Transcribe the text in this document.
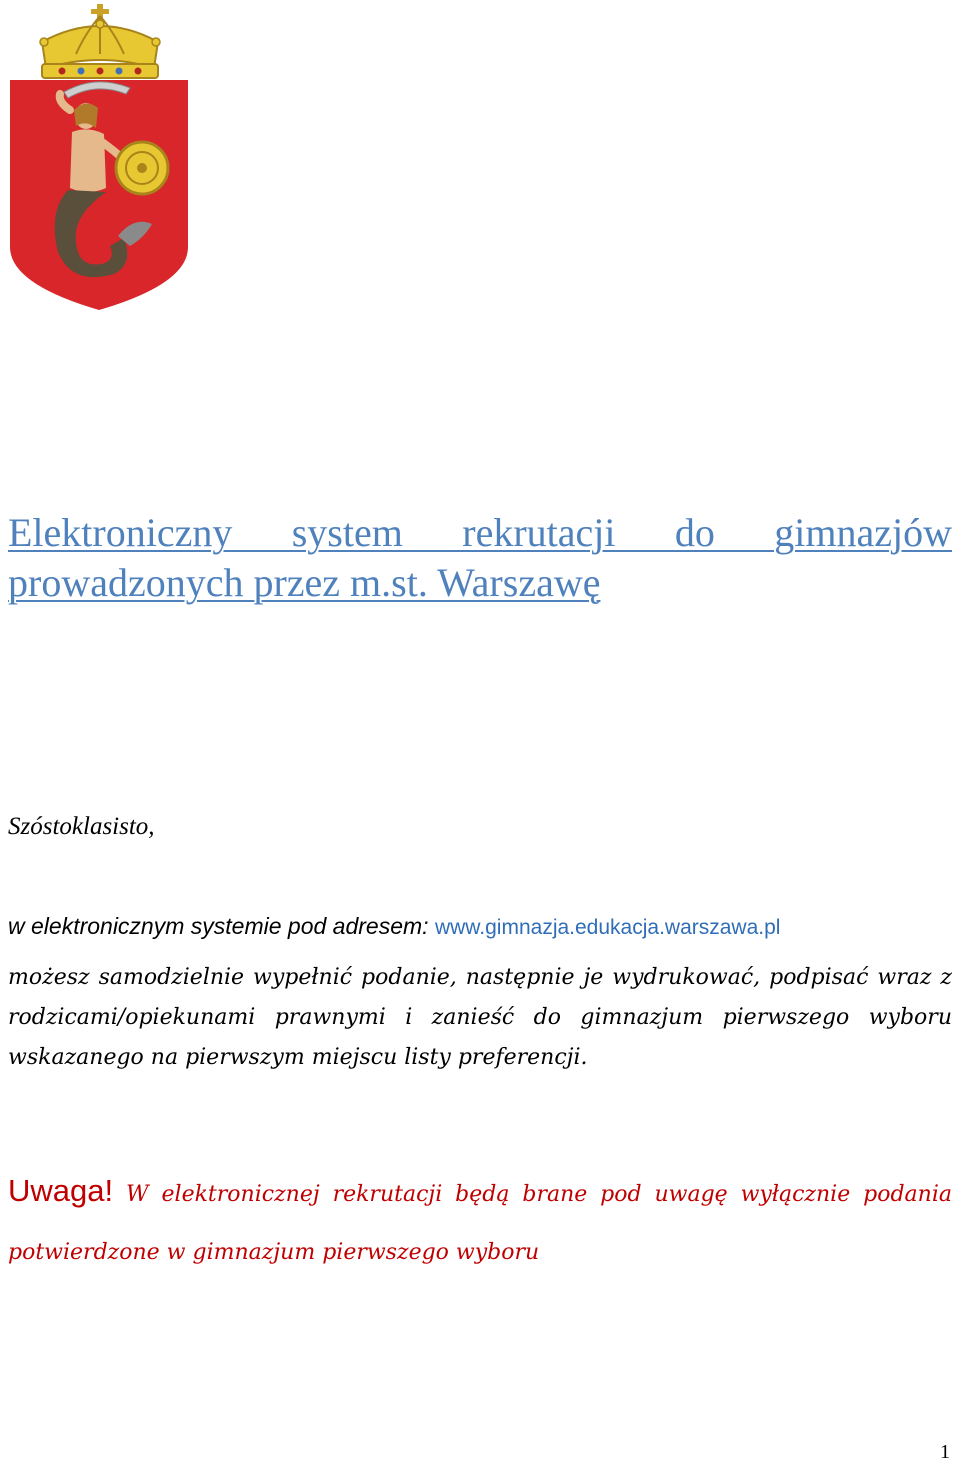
Elektroniczny system rekrutacji do gimnazjów prowadzonych przez m.st. Warszawę

Szóstoklasisto,

w elektronicznym systemie pod adresem: www.gimnazja.edukacja.warszawa.pl

możesz samodzielnie wypełnić podanie, następnie je wydrukować, podpisać wraz z rodzicami/opiekunami prawnymi i zanieść do gimnazjum pierwszego wyboru wskazanego na pierwszym miejscu listy preferencji.

Uwaga! W elektronicznej rekrutacji będą brane pod uwagę wyłącznie podania potwierdzone w gimnazjum pierwszego wyboru

1
